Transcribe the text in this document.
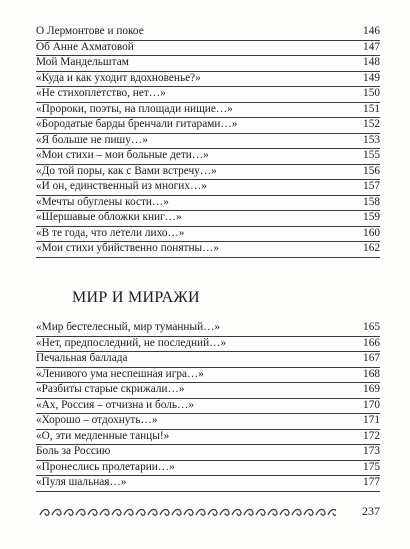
О Лермонтове и покое	146
Об Анне Ахматовой	147
Мой Мандельштам	148
«Куда и как уходит вдохновенье?»	149
«Не стихоплетство, нет…»	150
«Пророки, поэты, на площади нищие…»	151
«Бородатые барды бренчали гитарами…»	152
«Я больше не пишу…»	153
«Мои стихи – мои больные дети…»	155
«До той поры, как с Вами встречу…»	156
«И он, единственный из многих…»	157
«Мечты обуглены кости…»	158
«Шершавые обложки книг…»	159
«В те года, что летели лихо…»	160
«Мои стихи убийственно понятны…»	162
МИР И МИРАЖИ
«Мир бестелесный, мир туманный…»	165
«Нет, предпоследний, не последний…»	166
Печальная баллада	167
«Ленивого ума неспешная игра…»	168
«Разбиты старые скрижали…»	169
«Ах, Россия – отчизна и боль…»	170
«Хорошо – отдохнуть…»	171
«О, эти медленные танцы!»	172
Боль за Россию	173
«Пронеслись пролетарии…»	175
«Пуля шальная…»	177
237
